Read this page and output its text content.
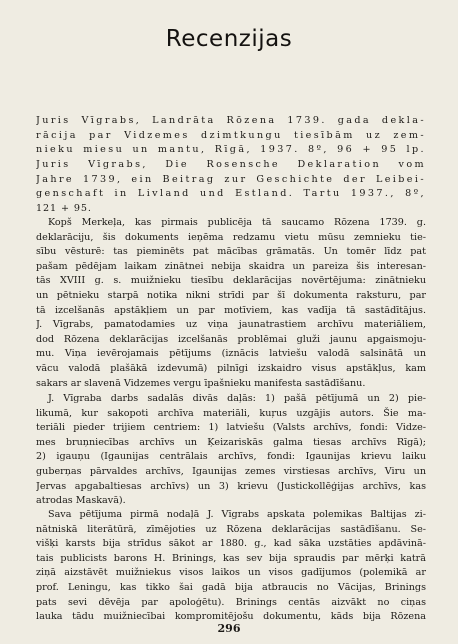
Recenzijas
Juris Vīgrabs, Landrāta Rōzena 1739. gada dekla-
rācija par Vidzemes dzimtkungu tiesībām uz zem-
nieku miesu un mantu, Rīgā, 1937. 8º, 96 + 95 lp.
Juris Vīgrabs, Die Rosensche Deklaration vom
Jahre 1739, ein Beitrag zur Geschichte der Leibei-
genschaft in Livland und Estland. Tartu 1937., 8º,
121 + 95.
Kopš Merkeļa, kas pirmais publicēja tā saucamo Rōzena 1739. g.
deklarāciju, šis dokuments ieņēma redzamu vietu mūsu zemnieku tie-
sību vēsturē: tas pieminēts pat mācības grāmatās. Un tomēr līdz pat
pašam pēdējam laikam zinātnei nebija skaidra un pareiza šis interesan-
tās XVIII g. s. muižnieku tiesību deklarācijas novērtējuma: zinātnieku
un pētnieku starpā notika nikni strīdi par šī dokumenta raksturu, par
tā izcelšanās apstākļiem un par motīviem, kas vadīja tā sastādītājus.
J. Vīgrabs, pamatodamies uz viņa jaunatrastiem archīvu materiāliem,
dod Rōzena deklarācijas izcelšanās problēmai gluži jaunu apgaismoju-
mu. Viņa ievērojamais pētījums (iznācis latviešu valodā salsinātā un
vācu valodā plašākā izdevumā) pilnīgi izskaidro visus apstākļus, kam
sakars ar slavenā Vidzemes vergu īpašnieku manifesta sastādīšanu.
J. Vīgraba darbs sadalās divās daļās: 1) pašā pētījumā un 2) pie-
likumā, kur sakopoti archīva materiāli, kuŗus uzgājis autors. Šie ma-
teriāli pieder trijiem centriem: 1) latviešu (Valsts archīvs, fondi: Vidze-
mes bruņniecības archīvs un Ķeizariskās galma tiesas archīvs Rīgā);
2) igauņu (Igaunijas centrālais archīvs, fondi: Igaunijas krievu laiku
guberņas pārvaldes archīvs, Igaunijas zemes virstiesas archīvs, Viru un
Jervas apgabaltiesas archīvs) un 3) krievu (Justickollēģijas archīvs, kas
atrodas Maskavā).
Sava pētījuma pirmā nodaļā J. Vīgrabs apskata polemikas Baltijas zi-
nātniskā literātūrā, zīmējoties uz Rōzena deklarācijas sastādīšanu. Se-
višķi karsts bija strīdus sākot ar 1880. g., kad sāka uzstāties apdāvinā-
tais publicists barons H. Brinings, kas sev bija spraudis par mērķi katrā
ziņā aizstāvēt muižniekus visos laikos un visos gadījumos (polemikā ar
prof. Leningu, kas tikko šai gadā bija atbraucis no Vācijas, Brinings
pats sevi dēvēja par apoloģētu). Brinings centās aizvākt no ciņas
lauka tādu muižniecībai kompromitējošu dokumentu, kāds bija Rōzena
296
